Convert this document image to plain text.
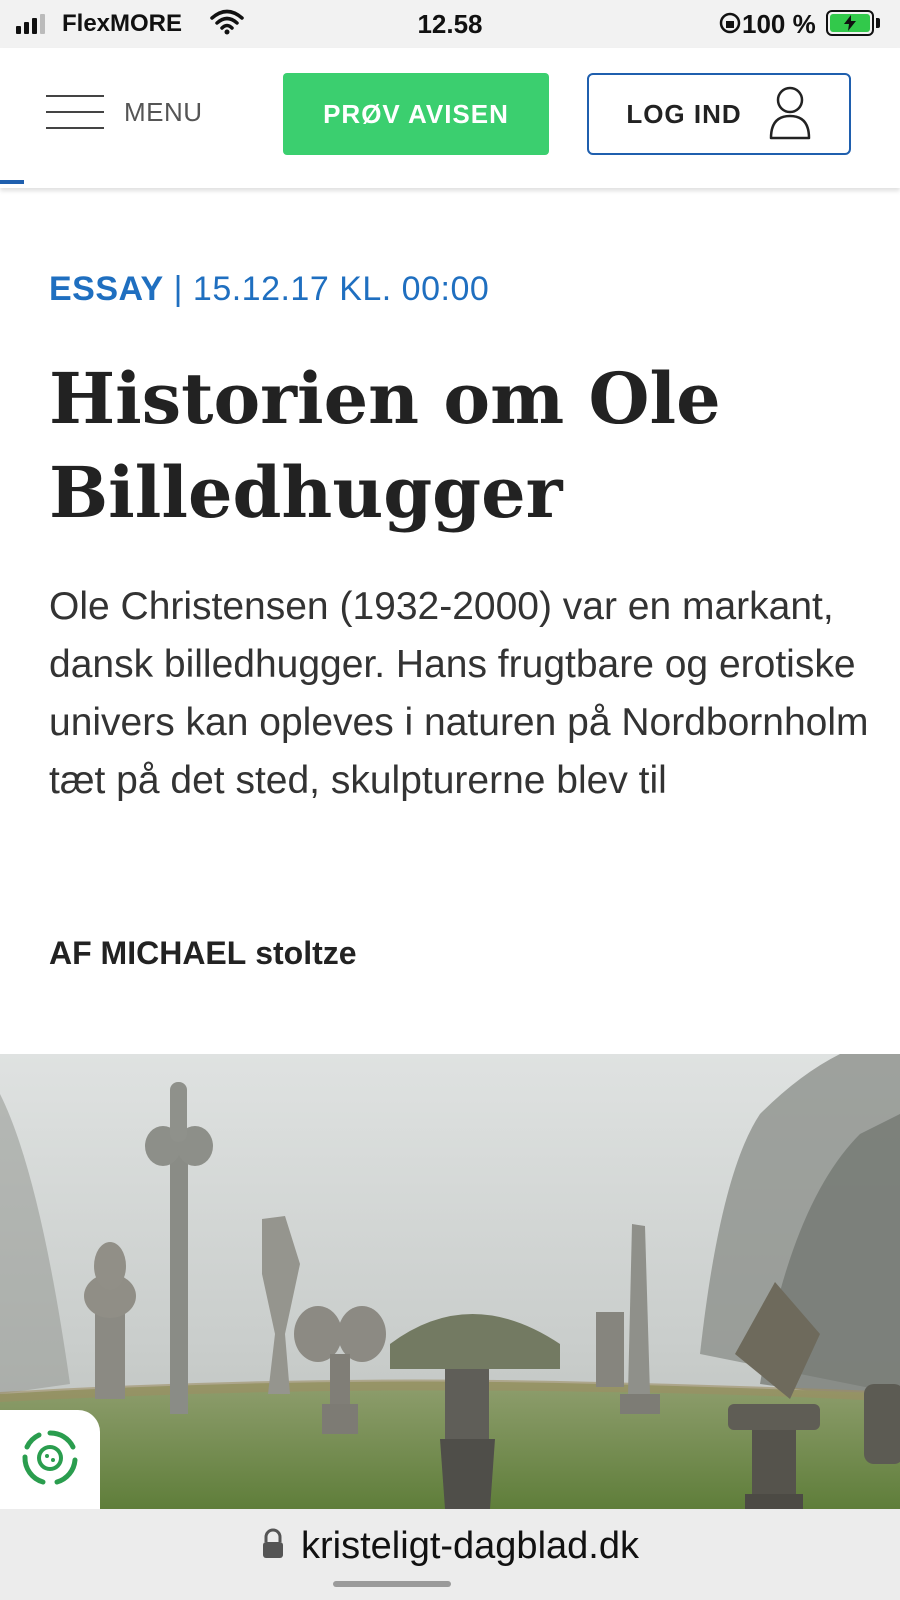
FlexMORE	12.58	100 %
MENU	PRØV AVISEN	LOG IND
ESSAY | 15.12.17 KL. 00:00
Historien om Ole Billedhugger

Ole Christensen (1932-2000) var en markant, dansk billedhugger. Hans frugtbare og erotiske univers kan opleves i naturen på Nordbornholm tæt på det sted, skulpturerne blev til

AF MICHAEL stoltze
kristeligt-dagblad.dk
